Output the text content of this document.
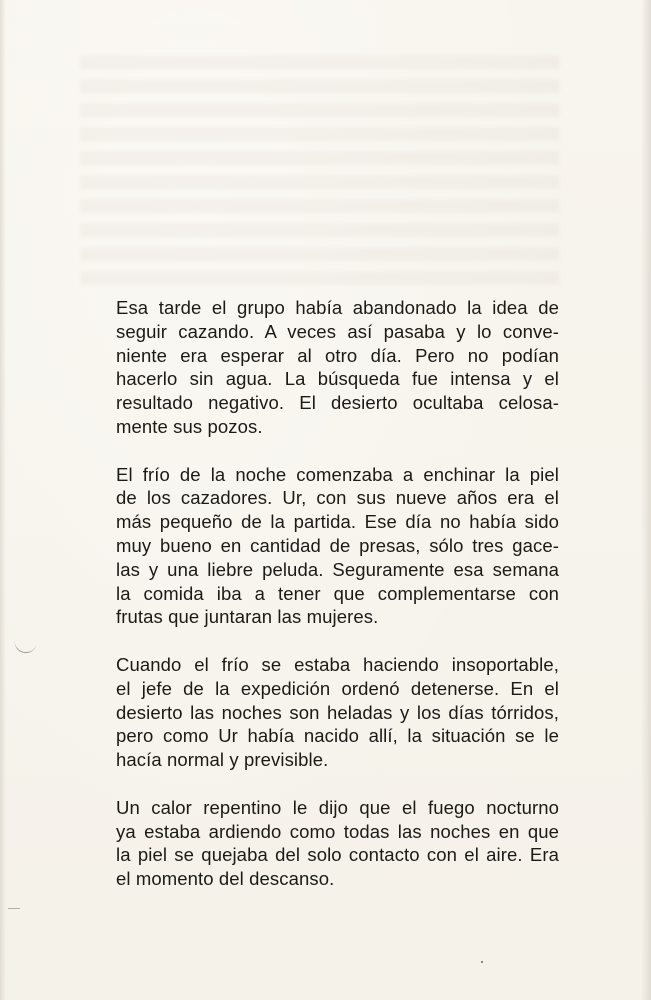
Esa tarde el grupo había abandonado la idea de
seguir cazando. A veces así pasaba y lo conve-
niente era esperar al otro día. Pero no podían
hacerlo sin agua. La búsqueda fue intensa y el
resultado negativo. El desierto ocultaba celosa-
mente sus pozos.

El frío de la noche comenzaba a enchinar la piel
de los cazadores. Ur, con sus nueve años era el
más pequeño de la partida. Ese día no había sido
muy bueno en cantidad de presas, sólo tres gace-
las y una liebre peluda. Seguramente esa semana
la comida iba a tener que complementarse con
frutas que juntaran las mujeres.

Cuando el frío se estaba haciendo insoportable,
el jefe de la expedición ordenó detenerse. En el
desierto las noches son heladas y los días tórridos,
pero como Ur había nacido allí, la situación se le
hacía normal y previsible.

Un calor repentino le dijo que el fuego nocturno
ya estaba ardiendo como todas las noches en que
la piel se quejaba del solo contacto con el aire. Era
el momento del descanso.
